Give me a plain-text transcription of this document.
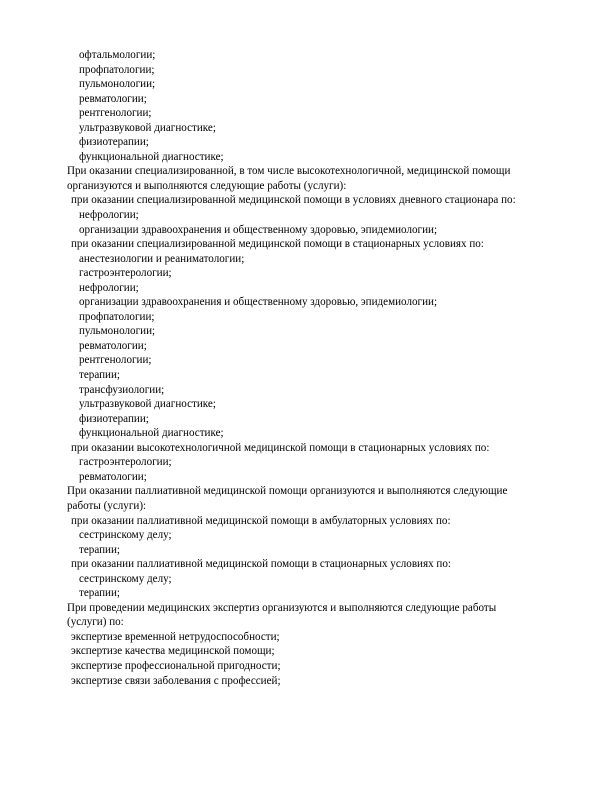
офтальмологии;

профпатологии;

пульмонологии;

ревматологии;

рентгенологии;

ультразвуковой диагностике;

физиотерапии;

функциональной диагностике;

При оказании специализированной, в том числе высокотехнологичной, медицинской помощи

организуются и выполняются следующие работы (услуги):

при оказании специализированной медицинской помощи в условиях дневного стационара по:

нефрологии;

организации здравоохранения и общественному здоровью, эпидемиологии;

при оказании специализированной медицинской помощи в стационарных условиях по:

анестезиологии и реаниматологии;

гастроэнтерологии;

нефрологии;

организации здравоохранения и общественному здоровью, эпидемиологии;

профпатологии;

пульмонологии;

ревматологии;

рентгенологии;

терапии;

трансфузиологии;

ультразвуковой диагностике;

физиотерапии;

функциональной диагностике;

при оказании высокотехнологичной медицинской помощи в стационарных условиях по:

гастроэнтерологии;

ревматологии;

При оказании паллиативной медицинской помощи организуются и выполняются следующие

работы (услуги):

при оказании паллиативной медицинской помощи в амбулаторных условиях по:

сестринскому делу;

терапии;

при оказании паллиативной медицинской помощи в стационарных условиях по:

сестринскому делу;

терапии;

При проведении медицинских экспертиз организуются и выполняются следующие работы

(услуги) по:

экспертизе временной нетрудоспособности;

экспертизе качества медицинской помощи;

экспертизе профессиональной пригодности;

экспертизе связи заболевания с профессией;
